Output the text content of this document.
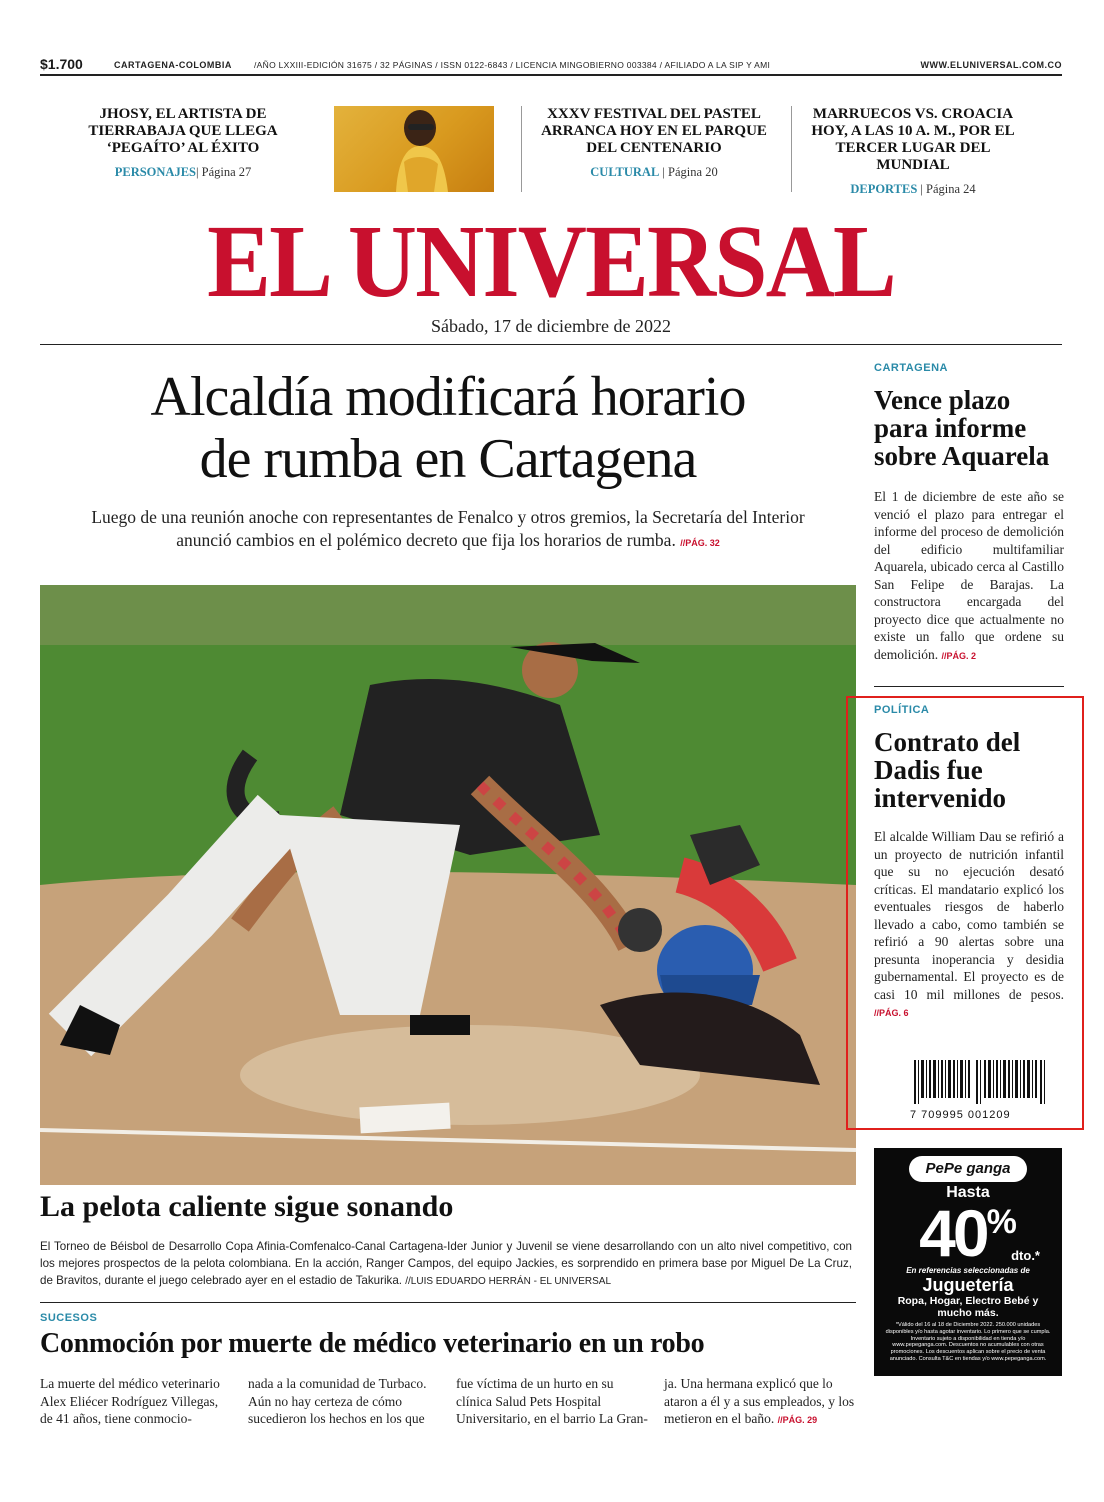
$1.700	CARTAGENA-COLOMBIA	/AÑO LXXIII-EDICIÓN 31675 / 32 PÁGINAS / ISSN 0122-6843 / LICENCIA MINGOBIERNO 003384 / AFILIADO A LA SIP Y AMI	WWW.ELUNIVERSAL.COM.CO
JHOSY, EL ARTISTA DE TIERRABAJA QUE LLEGA ‘PEGAÍTO’ AL ÉXITO
PERSONAJES| Página 27
XXXV FESTIVAL DEL PASTEL ARRANCA HOY EN EL PARQUE DEL CENTENARIO
CULTURAL | Página 20
MARRUECOS VS. CROACIA HOY, A LAS 10 A. M., POR EL TERCER LUGAR DEL MUNDIAL
DEPORTES | Página 24
EL UNIVERSAL
Sábado, 17 de diciembre de 2022
Alcaldía modificará horario
de rumba en Cartagena
Luego de una reunión anoche con representantes de Fenalco y otros gremios, la Secretaría del Interior anunció cambios en el polémico decreto que fija los horarios de rumba. //PÁG. 32
La pelota caliente sigue sonando
El Torneo de Béisbol de Desarrollo Copa Afinia-Comfenalco-Canal Cartagena-Ider Junior y Juvenil se viene desarrollando con un alto nivel competitivo, con los mejores prospectos de la pelota colombiana. En la acción, Ranger Campos, del equipo Jackies, es sorprendido en primera base por Miguel De La Cruz, de Bravitos, durante el juego celebrado ayer en el estadio de Takurika. //LUIS EDUARDO HERRÁN - EL UNIVERSAL
SUCESOS
Conmoción por muerte de médico veterinario en un robo
La muerte del médico veterinario Alex Eliécer Rodríguez Villegas, de 41 años, tiene conmocio-
nada a la comunidad de Turbaco. Aún no hay certeza de cómo sucedieron los hechos en los que
fue víctima de un hurto en su clínica Salud Pets Hospital Universitario, en el barrio La Gran-
ja. Una hermana explicó que lo ataron a él y a sus empleados, y los metieron en el baño. //PÁG. 29
CARTAGENA
Vence plazo para informe sobre Aquarela
El 1 de diciembre de este año se venció el plazo para entregar el informe del proceso de demolición del edificio multifamiliar Aquarela, ubicado cerca al Castillo San Felipe de Barajas. La constructora encargada del proyecto dice que actualmente no existe un fallo que ordene su demolición. //PÁG. 2
POLÍTICA
Contrato del Dadis fue intervenido
El alcalde William Dau se refirió a un proyecto de nutrición infantil que su no ejecución desató críticas. El mandatario explicó los eventuales riesgos de haberlo llevado a cabo, como también se refirió a 90 alertas sobre una presunta inoperancia y desidia gubernamental. El proyecto es de casi 10 mil millones de pesos. //PÁG. 6
7 709995 001209
PePe ganga
Hasta
40%
dto.*
En referencias seleccionadas de
Juguetería
Ropa, Hogar, Electro Bebé y mucho más.
*Válido del 16 al 18 de Diciembre 2022. 250.000 unidades disponibles y/o hasta agotar inventario. Lo primero que se cumpla. Inventario sujeto a disponibilidad en tienda y/o www.pepeganga.com. Descuentos no acumulables con otras promociones. Los descuentos aplican sobre el precio de venta anunciado. Consulta T&C en tiendas y/o www.pepeganga.com.
